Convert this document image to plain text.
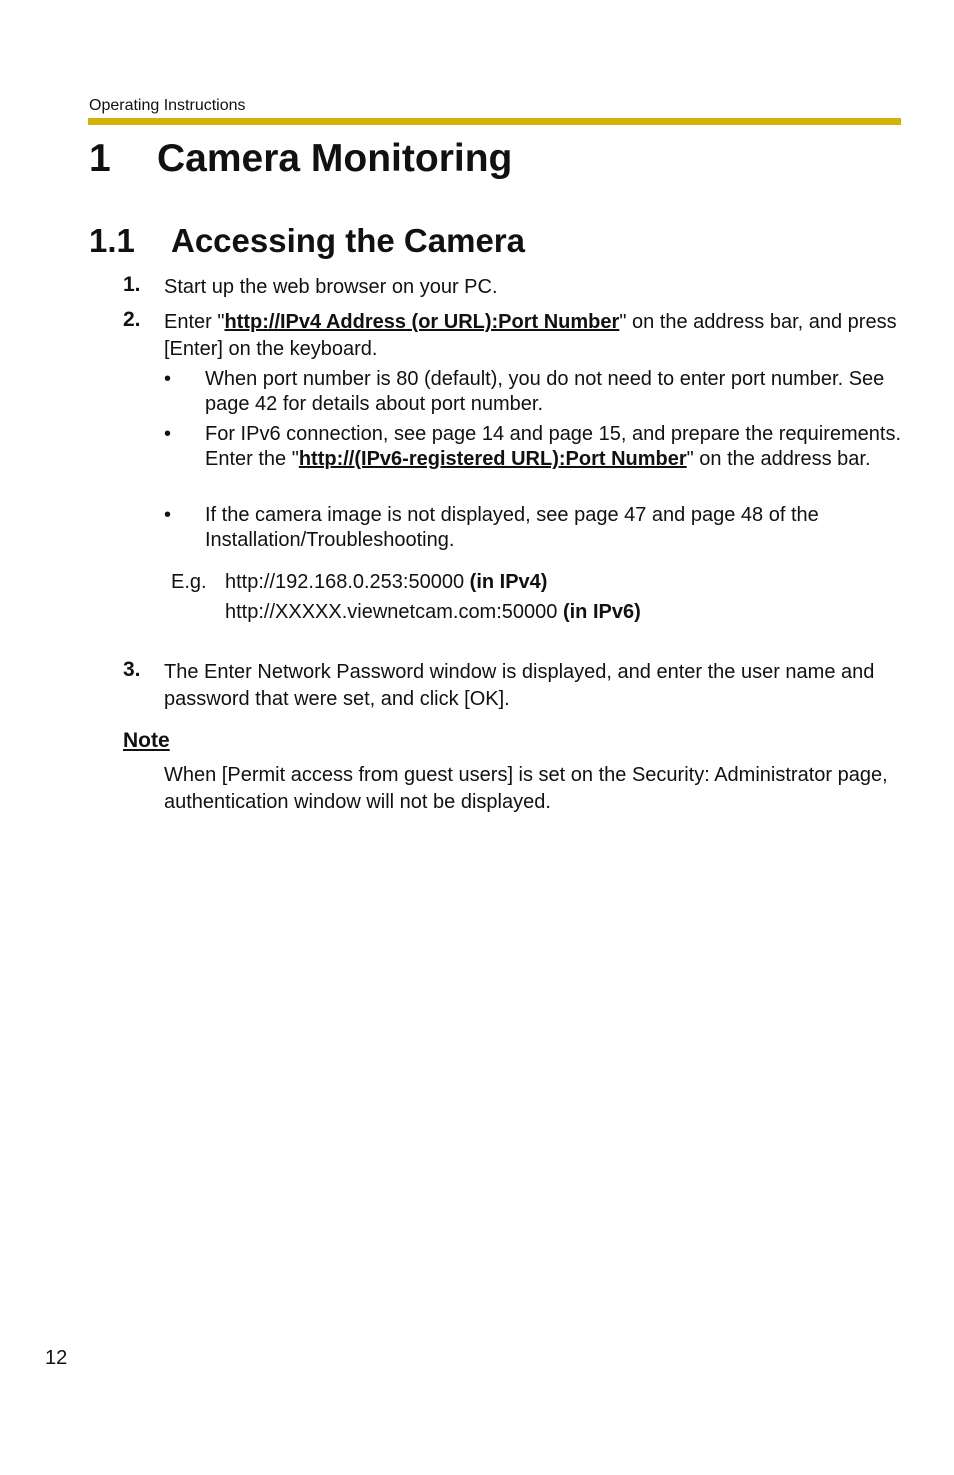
Operating Instructions
1 Camera Monitoring
1.1 Accessing the Camera
1. Start up the web browser on your PC.
2. Enter "http://IPv4 Address (or URL):Port Number" on the address bar, and press [Enter] on the keyboard.
• When port number is 80 (default), you do not need to enter port number. See page 42 for details about port number.
• For IPv6 connection, see page 14 and page 15, and prepare the requirements. Enter the "http://(IPv6-registered URL):Port Number" on the address bar.
• If the camera image is not displayed, see page 47 and page 48 of the Installation/Troubleshooting.
E.g. http://192.168.0.253:50000 (in IPv4)
http://XXXXX.viewnetcam.com:50000 (in IPv6)
3. The Enter Network Password window is displayed, and enter the user name and password that were set, and click [OK].
Note
When [Permit access from guest users] is set on the Security: Administrator page, authentication window will not be displayed.
12
